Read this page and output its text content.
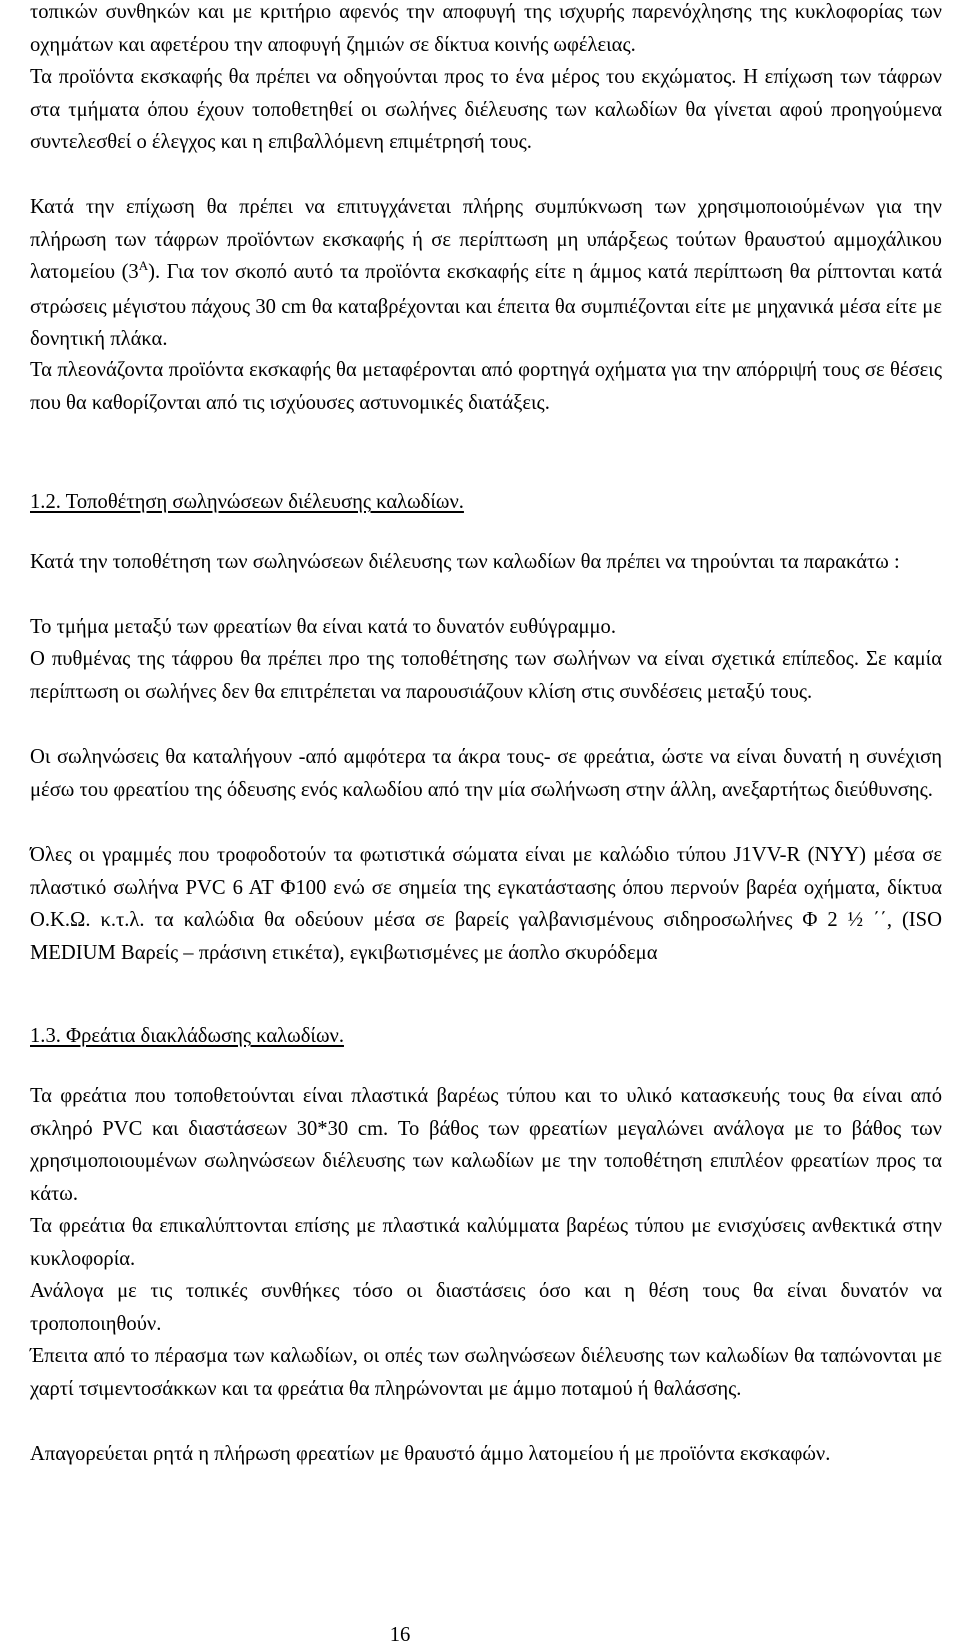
τοπικών συνθηκών και με κριτήριο αφενός την αποφυγή της ισχυρής παρενόχλησης της κυκλοφορίας των οχημάτων και αφετέρου την αποφυγή ζημιών σε δίκτυα κοινής ωφέλειας.

Τα προϊόντα εκσκαφής θα πρέπει να οδηγούνται προς το ένα μέρος του εκχώματος. Η επίχωση των τάφρων στα τμήματα όπου έχουν τοποθετηθεί οι σωλήνες διέλευσης των καλωδίων θα γίνεται αφού προηγούμενα συντελεσθεί ο έλεγχος και η επιβαλλόμενη επιμέτρησή τους.

Κατά την επίχωση θα πρέπει να επιτυγχάνεται πλήρης συμπύκνωση των χρησιμοποιούμένων για την πλήρωση των τάφρων προϊόντων εκσκαφής ή σε περίπτωση μη υπάρξεως τούτων θραυστού αμμοχάλικου λατομείου $(3^A)$. Για τον σκοπό αυτό τα προϊόντα εκσκαφής είτε η άμμος κατά περίπτωση θα ρίπτονται κατά στρώσεις μέγιστου πάχους 30 cm θα καταβρέχονται και έπειτα θα συμπιέζονται είτε με μηχανικά μέσα είτε με δονητική πλάκα.

Τα πλεονάζοντα προϊόντα εκσκαφής θα μεταφέρονται από φορτηγά οχήματα για την απόρριψή τους σε θέσεις που θα καθορίζονται από τις ισχύουσες αστυνομικές διατάξεις.

1.2. Τοποθέτηση σωληνώσεων διέλευσης καλωδίων.

Κατά την τοποθέτηση των σωληνώσεων διέλευσης των καλωδίων θα πρέπει να τηρούνται τα παρακάτω :

Το τμήμα μεταξύ των φρεατίων θα είναι κατά το δυνατόν ευθύγραμμο.

Ο πυθμένας της τάφρου θα πρέπει προ της τοποθέτησης των σωλήνων να είναι σχετικά επίπεδος. Σε καμία περίπτωση οι σωλήνες δεν θα επιτρέπεται να παρουσιάζουν κλίση στις συνδέσεις μεταξύ τους.

Οι σωληνώσεις θα καταλήγουν -από αμφότερα τα άκρα τους- σε φρεάτια, ώστε να είναι δυνατή η συνέχιση μέσω του φρεατίου της όδευσης ενός καλωδίου από την μία σωλήνωση στην άλλη, ανεξαρτήτως διεύθυνσης.

Όλες οι γραμμές που τροφοδοτούν τα φωτιστικά σώματα είναι με καλώδιο τύπου J1VV-R (NYY) μέσα σε πλαστικό σωλήνα PVC 6 AT Φ100 ενώ σε σημεία της εγκατάστασης όπου περνούν βαρέα οχήματα, δίκτυα Ο.Κ.Ω. κ.τ.λ. τα καλώδια θα οδεύουν μέσα σε βαρείς γαλβανισμένους σιδηροσωλήνες Φ 2 ½ ΄΄, (ISO MEDIUM Βαρείς – πράσινη ετικέτα), εγκιβωτισμένες με άοπλο σκυρόδεμα

1.3. Φρεάτια διακλάδωσης καλωδίων.

Τα φρεάτια που τοποθετούνται είναι πλαστικά βαρέως τύπου και το υλικό κατασκευής τους θα είναι από σκληρό PVC και διαστάσεων 30*30 cm. Το βάθος των φρεατίων μεγαλώνει ανάλογα με το βάθος των χρησιμοποιουμένων σωληνώσεων διέλευσης των καλωδίων με την τοποθέτηση επιπλέον φρεατίων προς τα κάτω.

Τα φρεάτια θα επικαλύπτονται επίσης με πλαστικά καλύμματα βαρέως τύπου με ενισχύσεις ανθεκτικά στην κυκλοφορία.

Ανάλογα με τις τοπικές συνθήκες τόσο οι διαστάσεις όσο και η θέση τους θα είναι δυνατόν να τροποποιηθούν.

Έπειτα από το πέρασμα των καλωδίων, οι οπές των σωληνώσεων διέλευσης των καλωδίων θα ταπώνονται με χαρτί τσιμεντοσάκκων και τα φρεάτια θα πληρώνονται με άμμο ποταμού ή θαλάσσης.

Απαγορεύεται ρητά η πλήρωση φρεατίων με θραυστό άμμο λατομείου ή με προϊόντα εκσκαφών.

16
